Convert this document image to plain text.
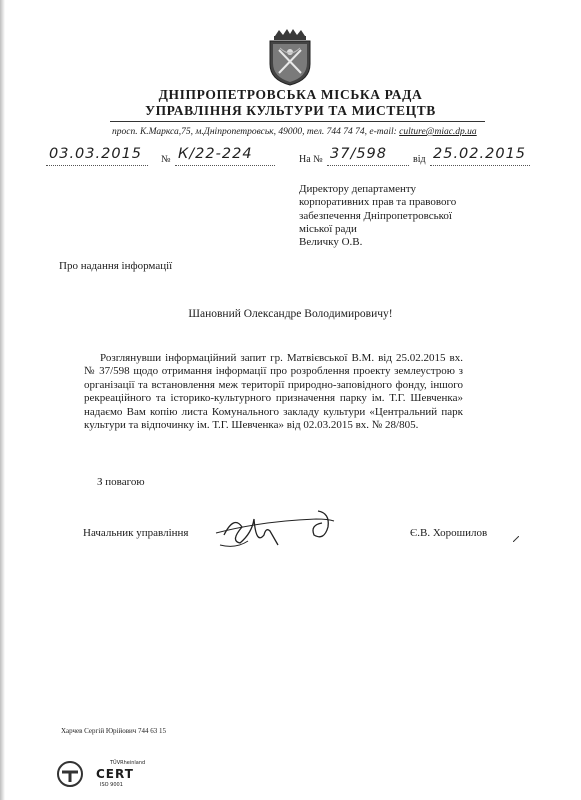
ДНІПРОПЕТРОВСЬКА МІСЬКА РАДА
УПРАВЛІННЯ КУЛЬТУРИ ТА МИСТЕЦТВ
просп. К.Маркса,75, м.Дніпропетровськ, 49000, тел. 744 74 74, e-mail: culture@miac.dp.ua
03.03.2015 № К/22-224	На № 37/598	від 25.02.2015
Директору департаменту
корпоративних прав та правового
забезпечення Дніпропетровської
міської ради
Величку О.В.
Про надання інформації
Шановний Олександре Володимировичу!
Розглянувши інформаційний запит гр. Матвієвської В.М. від 25.02.2015 вх. № 37/598 щодо отримання інформації про розроблення проекту землеустрою з організації та встановлення меж території природно-заповідного фонду, іншого рекреаційного та історико-культурного призначення парку ім. Т.Г. Шевченка» надаємо Вам копію листа Комунального закладу культури «Центральний парк культури та відпочинку ім. Т.Г. Шевченка» від 02.03.2015 вх. № 28/805.
З повагою
Начальник управління	Є.В. Хорошилов
Харчев Сергій Юрійович 744 63 15
TÜVRheinland
CERT
ISO 9001
